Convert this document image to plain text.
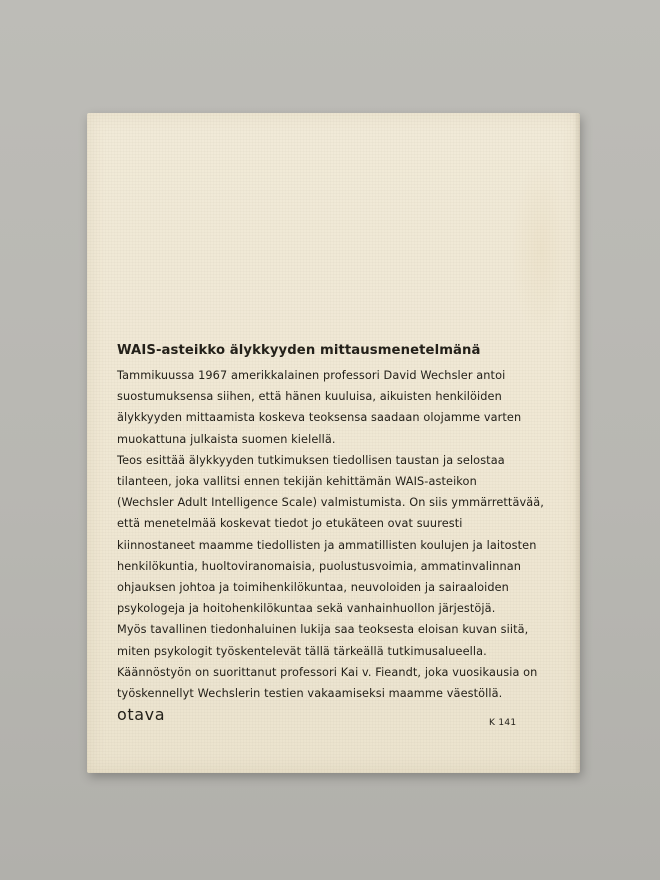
WAIS-asteikko älykkyyden mittausmenetelmänä
Tammikuussa 1967 amerikkalainen professori David Wechsler antoi
suostumuksensa siihen, että hänen kuuluisa, aikuisten henkilöiden
älykkyyden mittaamista koskeva teoksensa saadaan olojamme varten
muokattuna julkaista suomen kielellä.
Teos esittää älykkyyden tutkimuksen tiedollisen taustan ja selostaa
tilanteen, joka vallitsi ennen tekijän kehittämän WAIS-asteikon
(Wechsler Adult Intelligence Scale) valmistumista. On siis ymmärrettävää,
että menetelmää koskevat tiedot jo etukäteen ovat suuresti
kiinnostaneet maamme tiedollisten ja ammatillisten koulujen ja laitosten
henkilökuntia, huoltoviranomaisia, puolustusvoimia, ammatinvalinnan
ohjauksen johtoa ja toimihenkilökuntaa, neuvoloiden ja sairaaloiden
psykologeja ja hoitohenkilökuntaa sekä vanhainhuollon järjestöjä.
Myös tavallinen tiedonhaluinen lukija saa teoksesta eloisan kuvan siitä,
miten psykologit työskentelevät tällä tärkeällä tutkimusalueella.
Käännöstyön on suorittanut professori Kai v. Fieandt, joka vuosikausia on
työskennellyt Wechslerin testien vakaamiseksi maamme väestöllä.
otava	K 141
